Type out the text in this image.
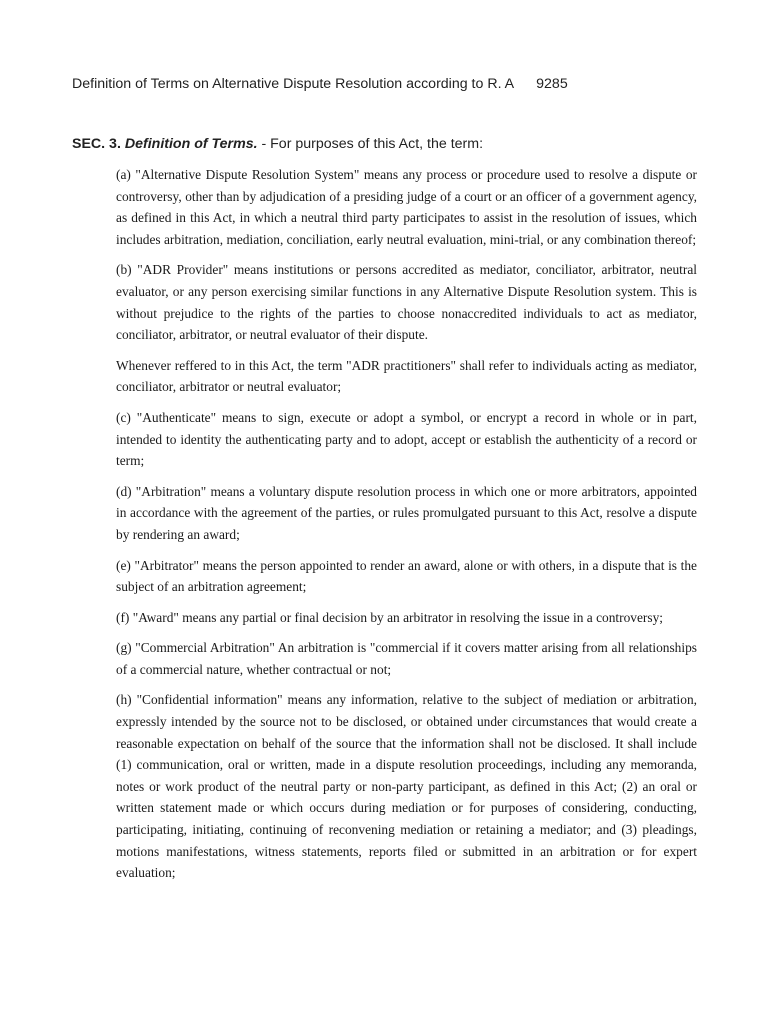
Definition of Terms on Alternative Dispute Resolution according to R. A 9285
SEC. 3. Definition of Terms. - For purposes of this Act, the term:

(a) "Alternative Dispute Resolution System" means any process or procedure used to resolve a dispute or controversy, other than by adjudication of a presiding judge of a court or an officer of a government agency, as defined in this Act, in which a neutral third party participates to assist in the resolution of issues, which includes arbitration, mediation, conciliation, early neutral evaluation, mini-trial, or any combination thereof;

(b) "ADR Provider" means institutions or persons accredited as mediator, conciliator, arbitrator, neutral evaluator, or any person exercising similar functions in any Alternative Dispute Resolution system. This is without prejudice to the rights of the parties to choose nonaccredited individuals to act as mediator, conciliator, arbitrator, or neutral evaluator of their dispute.

Whenever reffered to in this Act, the term "ADR practitioners" shall refer to individuals acting as mediator, conciliator, arbitrator or neutral evaluator;

(c) "Authenticate" means to sign, execute or adopt a symbol, or encrypt a record in whole or in part, intended to identity the authenticating party and to adopt, accept or establish the authenticity of a record or term;

(d) "Arbitration" means a voluntary dispute resolution process in which one or more arbitrators, appointed in accordance with the agreement of the parties, or rules promulgated pursuant to this Act, resolve a dispute by rendering an award;

(e) "Arbitrator" means the person appointed to render an award, alone or with others, in a dispute that is the subject of an arbitration agreement;

(f) "Award" means any partial or final decision by an arbitrator in resolving the issue in a controversy;

(g) "Commercial Arbitration" An arbitration is "commercial if it covers matter arising from all relationships of a commercial nature, whether contractual or not;

(h) "Confidential information" means any information, relative to the subject of mediation or arbitration, expressly intended by the source not to be disclosed, or obtained under circumstances that would create a reasonable expectation on behalf of the source that the information shall not be disclosed. It shall include (1) communication, oral or written, made in a dispute resolution proceedings, including any memoranda, notes or work product of the neutral party or non-party participant, as defined in this Act; (2) an oral or written statement made or which occurs during mediation or for purposes of considering, conducting, participating, initiating, continuing of reconvening mediation or retaining a mediator; and (3) pleadings, motions manifestations, witness statements, reports filed or submitted in an arbitration or for expert evaluation;
